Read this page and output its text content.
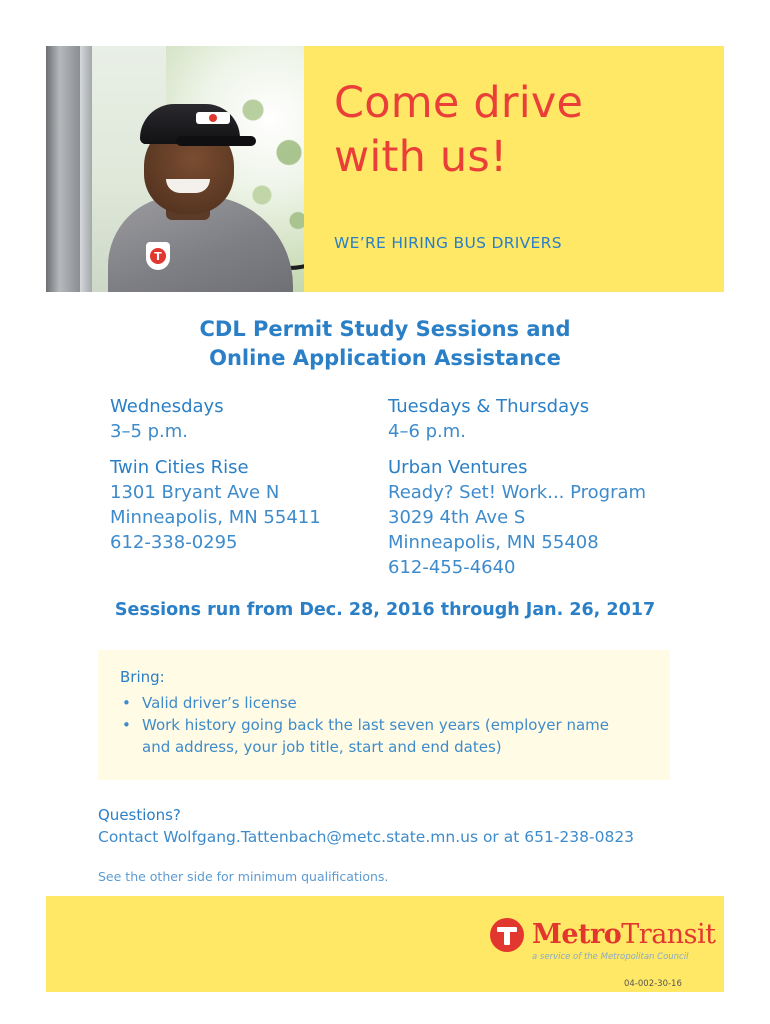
T
Come drive
with us!
WE’RE HIRING BUS DRIVERS
CDL Permit Study Sessions and
Online Application Assistance
Wednesdays
3–5 p.m.
Twin Cities Rise
1301 Bryant Ave N
Minneapolis, MN 55411
612-338-0295
Tuesdays & Thursdays
4–6 p.m.
Urban Ventures
Ready? Set! Work... Program
3029 4th Ave S
Minneapolis, MN 55408
612-455-4640
Sessions run from Dec. 28, 2016 through Jan. 26, 2017
Bring:
• Valid driver’s license
• Work history going back the last seven years (employer name and address, your job title, start and end dates)
Questions?
Contact Wolfgang.Tattenbach@metc.state.mn.us or at 651-238-0823
See the other side for minimum qualifications.
MetroTransit
a service of the Metropolitan Council
04-002-30-16
